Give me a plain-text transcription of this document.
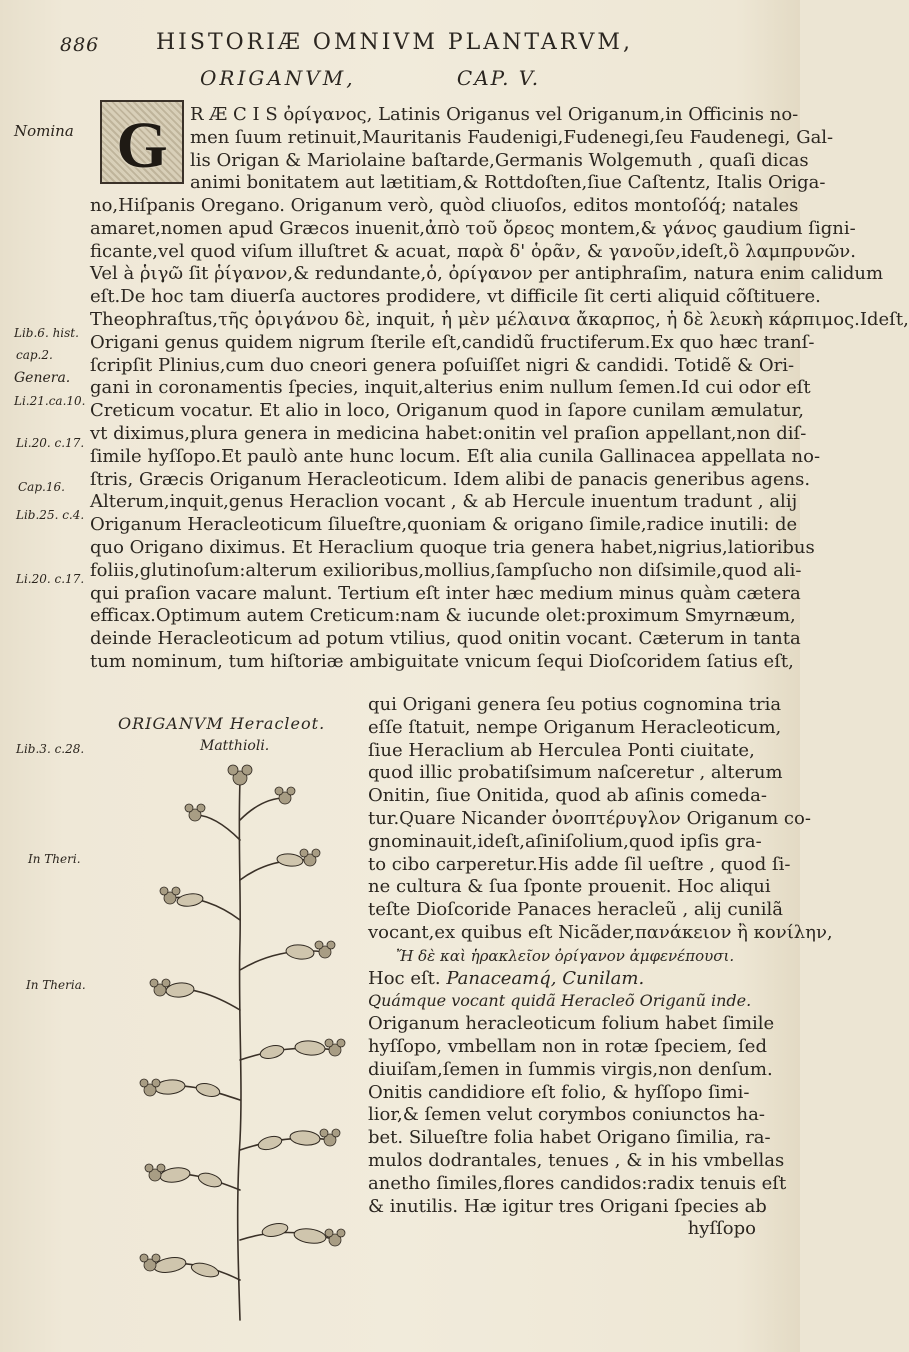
886	HISTORIÆ OMNIVM PLANTARVM,
ORIGANVM,	CAP. V.
Nomina
Lib.6. hist.
cap.2.
Genera.
Li.21.ca.10.
Li.20. c.17.
Cap.16.
Lib.25. c.4.
Li.20. c.17.
Lib.3. c.28.
In Theri.
In Theria.
G	R Æ C I S ὀρίγανος, Latinis Origanus vel Origanum,in Officinis no-
men ſuum retinuit,Mauritanis Faudenigi,Fudenegi,ſeu Faudenegi, Gal-
lis Origan & Mariolaine baſtarde,Germanis Wolgemuth , quaſi dicas
animi bonitatem aut lætitiam,& Rottdoſten,ſiue Caſtentz, Italis Origa-
no,Hiſpanis Oregano. Origanum verò, quòd cliuoſos, editos montoſóq́; natales
amaret,nomen apud Græcos inuenit,ἀπὸ τοῦ ὄρεος montem,& γάνος gaudium ſigni-
ficante,vel quod viſum illuſtret & acuat, παρὰ δ' ὁρᾶν, & γανοῦν,ideſt,ὃ λαμπρυνῶν.
Vel à ῥιγῶ ſit ῥίγανον,& redundante,ὁ, ὀρίγανον per antiphraſim, natura enim calidum
eſt.De hoc tam diuerſa auctores prodidere, vt difficile ſit certi aliquid cõſtituere.
Theophraſtus,τῆς ὀριγάνου δὲ, inquit, ἡ μὲν μέλαινα ἄκαρπος, ἡ δὲ λευκὴ κάρπιμος.Ideſt,
Origani genus quidem nigrum ſterile eſt,candidũ fructiferum.Ex quo hæc tranſ-
ſcripſit Plinius,cum duo cneori genera poſuiſſet nigri & candidi. Totidẽ & Ori-
gani in coronamentis ſpecies, inquit,alterius enim nullum ſemen.Id cui odor eſt
Creticum vocatur. Et alio in loco, Origanum quod in ſapore cunilam æmulatur,
vt diximus,plura genera in medicina habet:onitin vel praſion appellant,non diſ-
ſimile hyſſopo.Et paulò ante hunc locum. Eſt alia cunila Gallinacea appellata no-
ſtris, Græcis Origanum Heracleoticum. Idem alibi de panacis generibus agens.
Alterum,inquit,genus Heraclion vocant , & ab Hercule inuentum tradunt , alij
Origanum Heracleoticum ſilueſtre,quoniam & origano ſimile,radice inutili: de
quo Origano diximus. Et Heraclium quoque tria genera habet,nigrius,latioribus
foliis,glutinoſum:alterum exilioribus,mollius,ſampſucho non diſsimile,quod ali-
qui praſion vacare malunt. Tertium eſt inter hæc medium minus quàm cætera
efficax.Optimum autem Creticum:nam & iucunde olet:proximum Smyrnæum,
deinde Heracleoticum ad potum vtilius, quod onitin vocant. Cæterum in tanta
tum nominum, tum hiſtoriæ ambiguitate vnicum ſequi Dioſcoridem ſatius eſt,
ORIGANVM Heracleot.
Matthioli.
qui Origani genera ſeu potius cognomina tria
eſſe ſtatuit, nempe Origanum Heracleoticum,
ſiue Heraclium ab Herculea Ponti ciuitate,
quod illic probatiſsimum naſceretur , alterum
Onitin, ſiue Onitida, quod ab aſinis comeda-
tur.Quare Nicander ὀνοπτέρυγλον Origanum co-
gnominauit,ideſt,aſiniſolium,quod ipſis gra-
to cibo carperetur.His adde ſil ueſtre , quod ſi-
ne cultura & ſua ſponte prouenit. Hoc aliqui
teſte Dioſcoride Panaces heracleũ , alij cunilã
vocant,ex quibus eſt Nicãder,πανάκειον ἢ κονίλην,
Ἤ δὲ καὶ ἡρακλεῖον ὀρίγανον ἀμφενέπουσι.
Hoc eſt. Panaceamq́, Cunilam.
Quámque vocant quidã Heracleõ Origanũ inde.
Origanum heracleoticum folium habet ſimile
hyſſopo, vmbellam non in rotæ ſpeciem, ſed
diuiſam,ſemen in ſummis virgis,non denſum.
Onitis candidiore eſt folio, & hyſſopo ſimi-
lior,& ſemen velut corymbos coniunctos ha-
bet. Silueſtre folia habet Origano ſimilia, ra-
mulos dodrantales, tenues , & in his vmbellas
anetho ſimiles,flores candidos:radix tenuis eſt
& inutilis. Hæ igitur tres Origani ſpecies ab
hyſſopo
